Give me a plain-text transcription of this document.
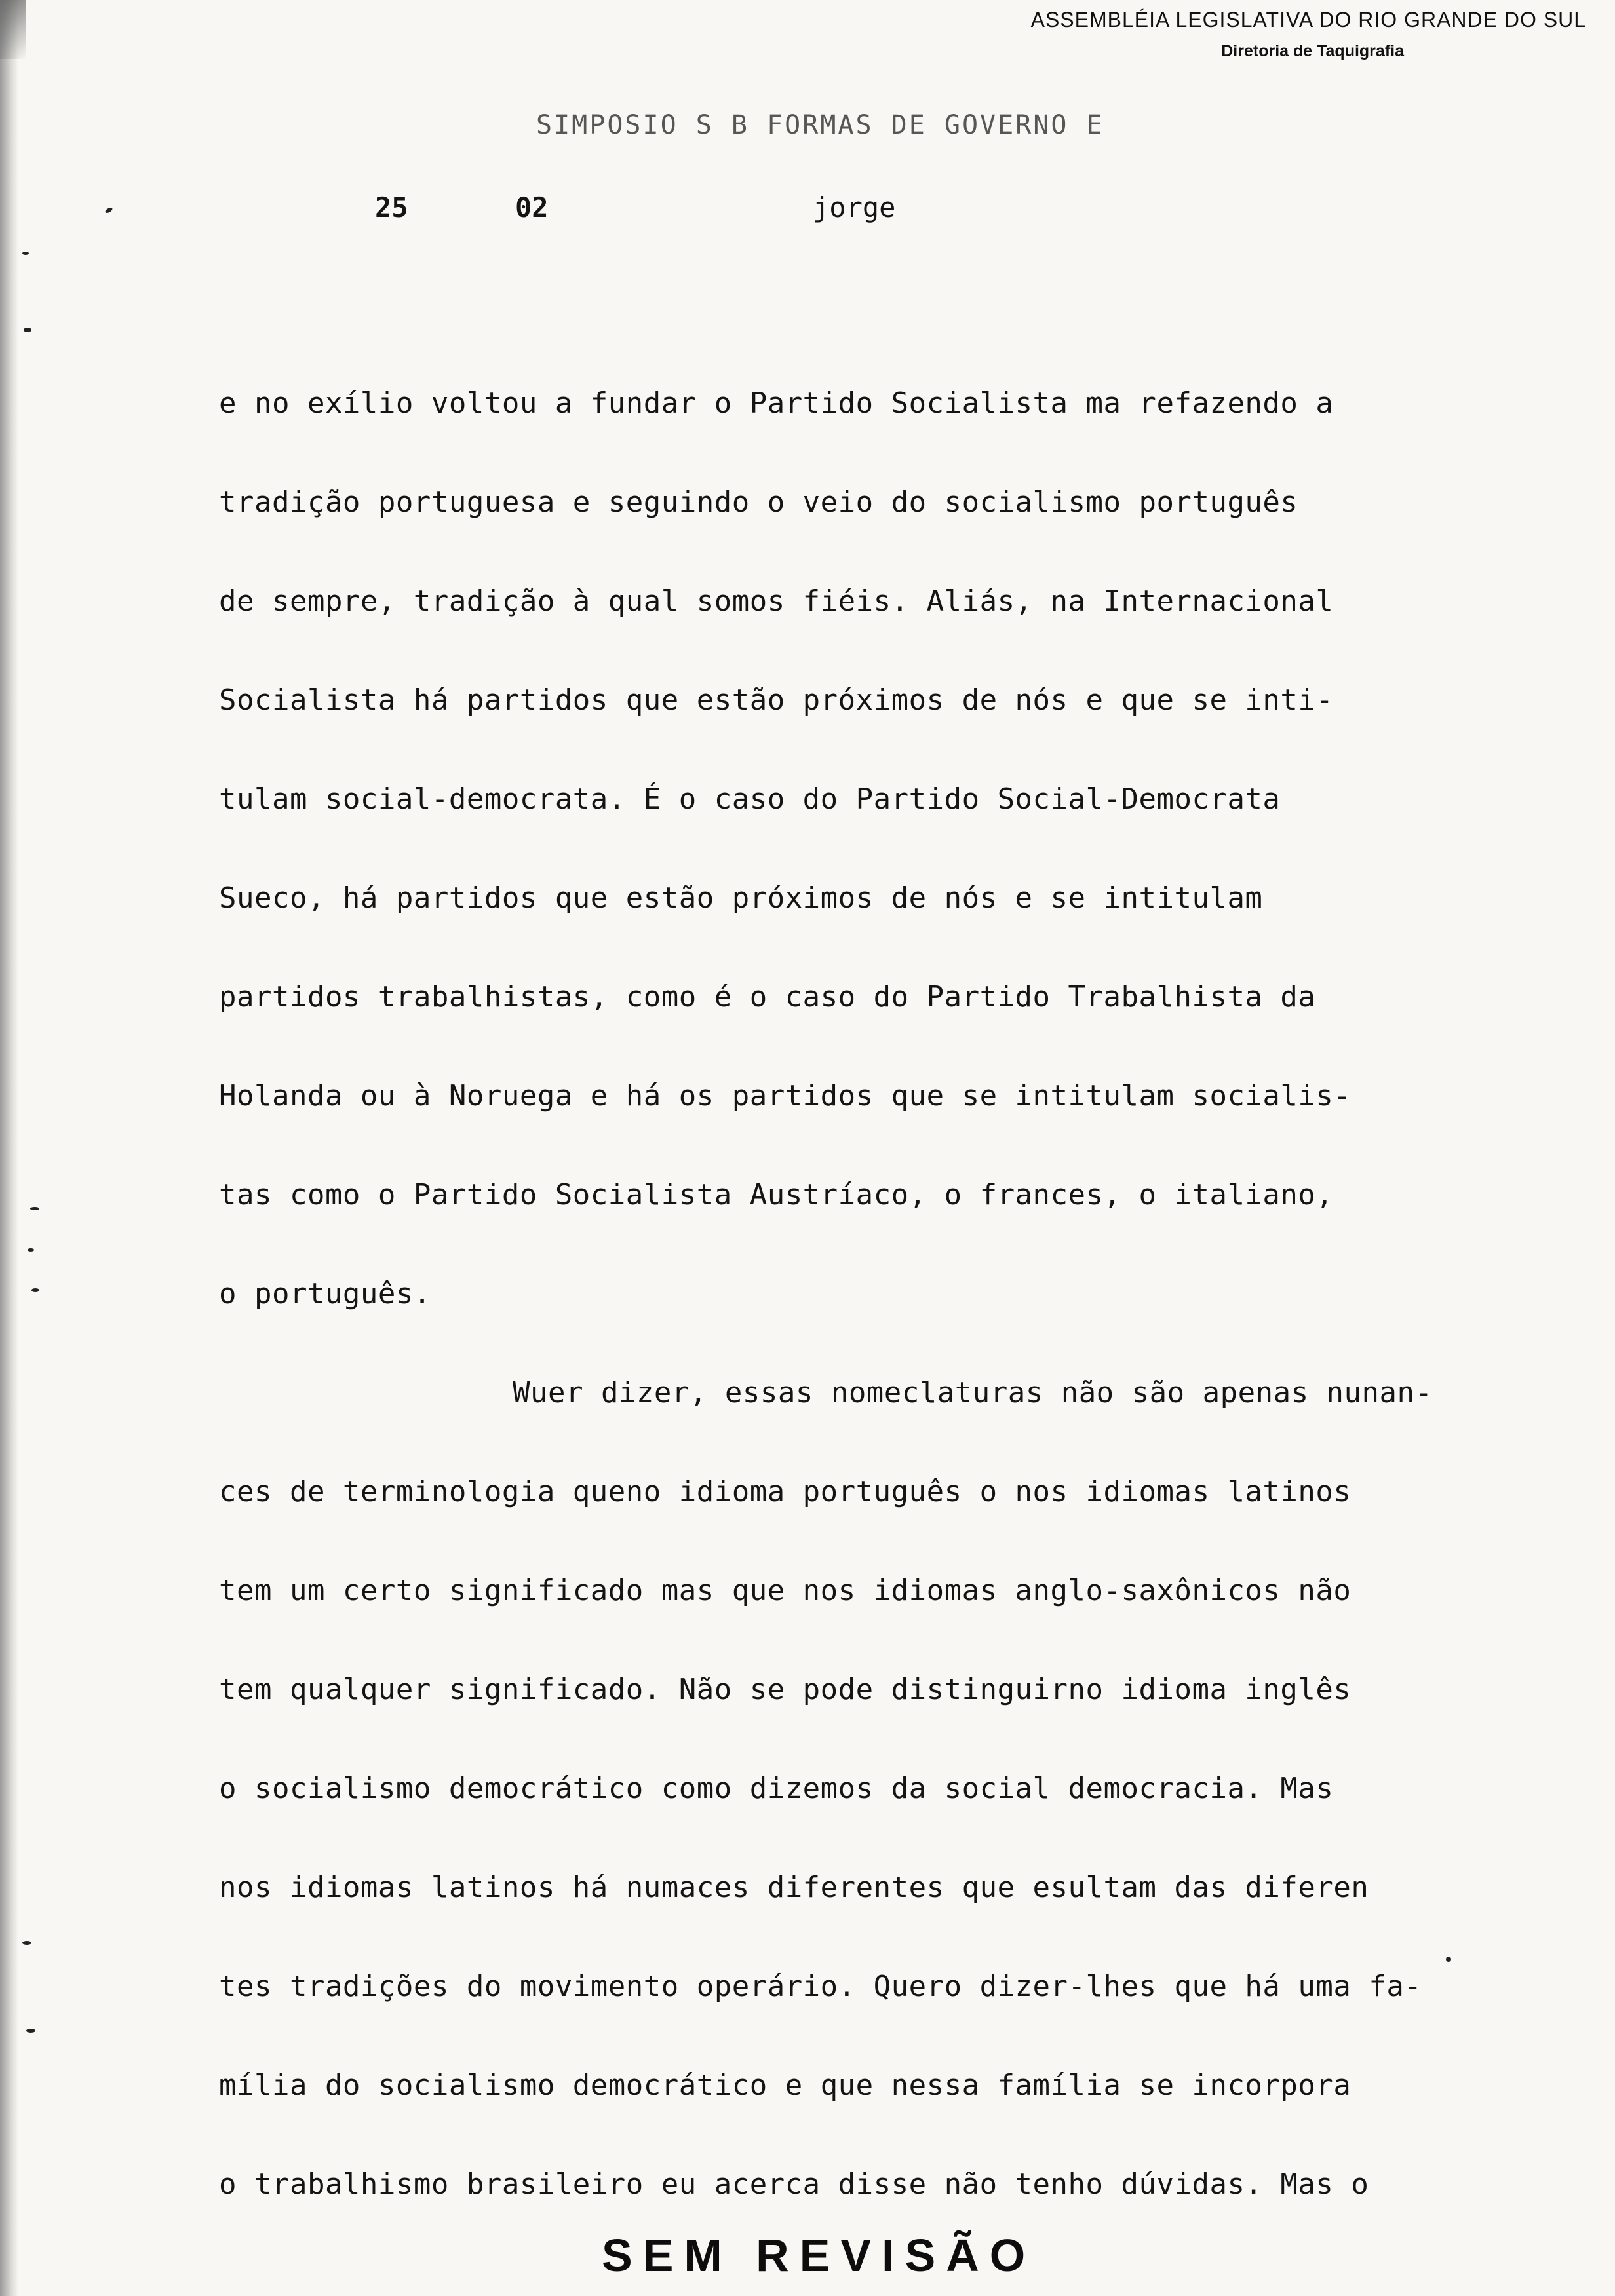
ASSEMBLÉIA LEGISLATIVA DO RIO GRANDE DO SUL
Diretoria de Taquigrafia
SIMPOSIO S B FORMAS DE GOVERNO E
25	02	jorge
e no exílio voltou a fundar o Partido Socialista ma refazendo a
tradição portuguesa e seguindo o veio do socialismo português
de sempre, tradição à qual somos fiéis. Aliás, na Internacional
Socialista há partidos que estão próximos de nós e que se inti-
tulam social-democrata. É o caso do Partido Social-Democrata
Sueco, há partidos que estão próximos de nós e se intitulam
partidos trabalhistas, como é o caso do Partido Trabalhista da
Holanda ou à Noruega e há os partidos que se intitulam socialis-
tas como o Partido Socialista Austríaco, o frances, o italiano,
o português.
Wuer dizer, essas nomeclaturas não são apenas nunan-
ces de terminologia queno idioma português o nos idiomas latinos
tem um certo significado mas que nos idiomas anglo-saxônicos não
tem qualquer significado. Não se pode distinguirno idioma inglês
o socialismo democrático como dizemos da social democracia. Mas
nos idiomas latinos há numaces diferentes que esultam das diferen
tes tradições do movimento operário. Quero dizer-lhes que há uma fa-
mília do socialismo democrático e que nessa família se incorpora
o trabalhismo brasileiro eu acerca disse não tenho dúvidas. Mas o
SEM REVISÃO
